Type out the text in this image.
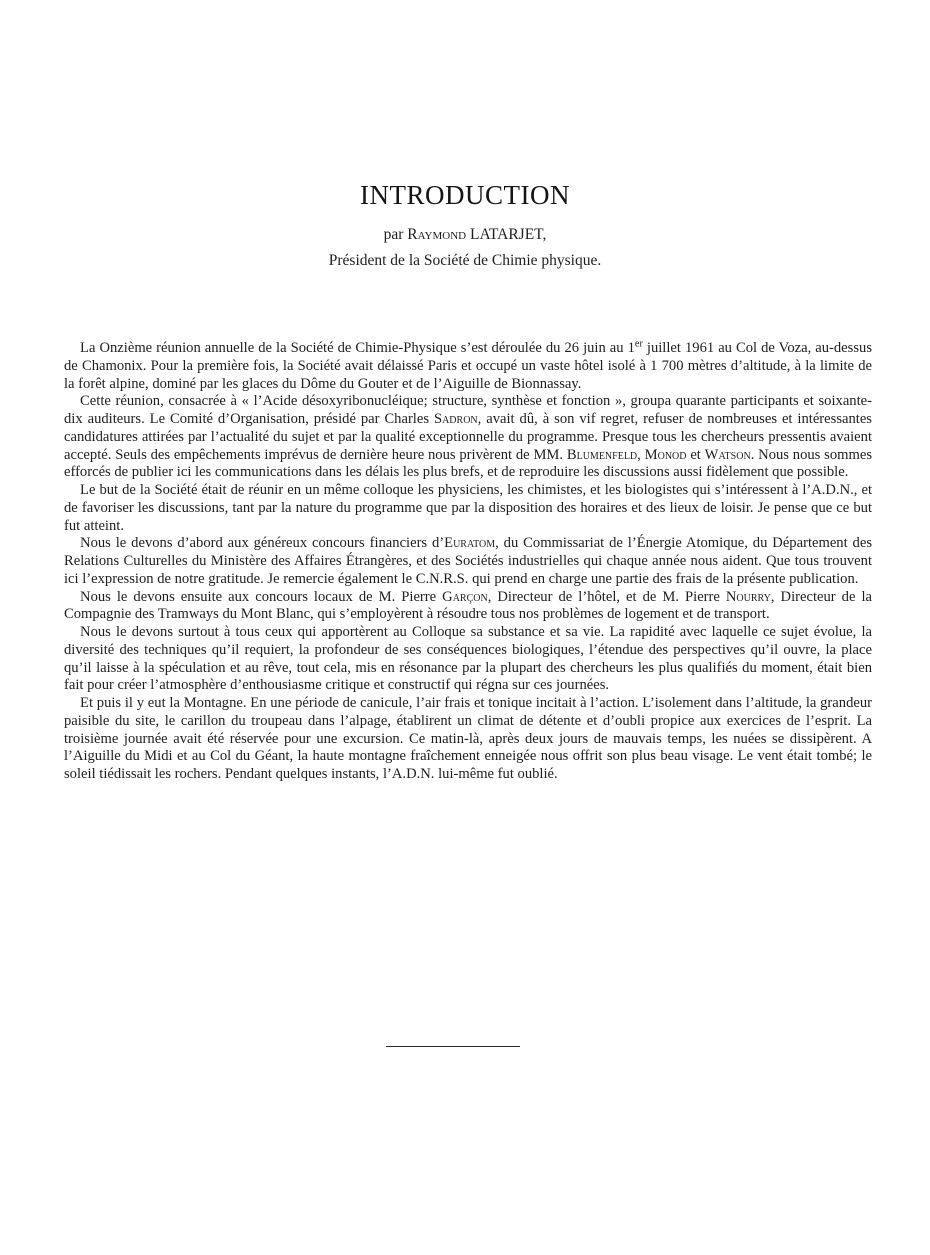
INTRODUCTION

par Raymond LATARJET,

Président de la Société de Chimie physique.

La Onzième réunion annuelle de la Société de Chimie-Physique s’est déroulée du 26 juin au 1er juillet 1961 au Col de Voza, au-dessus de Chamonix. Pour la première fois, la Société avait délaissé Paris et occupé un vaste hôtel isolé à 1 700 mètres d’altitude, à la limite de la forêt alpine, dominé par les glaces du Dôme du Gouter et de l’Aiguille de Bionnassay.

Cette réunion, consacrée à « l’Acide désoxyribonucléique; structure, synthèse et fonction », groupa quarante participants et soixante-dix auditeurs. Le Comité d’Organisation, présidé par Charles Sadron, avait dû, à son vif regret, refuser de nombreuses et intéressantes candidatures attirées par l’actualité du sujet et par la qualité exceptionnelle du programme. Presque tous les chercheurs pressentis avaient accepté. Seuls des empêchements imprévus de dernière heure nous privèrent de MM. Blumenfeld, Monod et Watson. Nous nous sommes efforcés de publier ici les communications dans les délais les plus brefs, et de reproduire les discussions aussi fidèlement que possible.

Le but de la Société était de réunir en un même colloque les physiciens, les chimistes, et les biologistes qui s’intéressent à l’A.D.N., et de favoriser les discussions, tant par la nature du programme que par la disposition des horaires et des lieux de loisir. Je pense que ce but fut atteint.

Nous le devons d’abord aux généreux concours financiers d’Euratom, du Commissariat de l’Énergie Atomique, du Département des Relations Culturelles du Ministère des Affaires Étrangères, et des Sociétés industrielles qui chaque année nous aident. Que tous trouvent ici l’expression de notre gratitude. Je remercie également le C.N.R.S. qui prend en charge une partie des frais de la présente publication.

Nous le devons ensuite aux concours locaux de M. Pierre Garçon, Directeur de l’hôtel, et de M. Pierre Nourry, Directeur de la Compagnie des Tramways du Mont Blanc, qui s’employèrent à résoudre tous nos problèmes de logement et de transport.

Nous le devons surtout à tous ceux qui apportèrent au Colloque sa substance et sa vie. La rapidité avec laquelle ce sujet évolue, la diversité des techniques qu’il requiert, la profondeur de ses conséquences biologiques, l’étendue des perspectives qu’il ouvre, la place qu’il laisse à la spéculation et au rêve, tout cela, mis en résonance par la plupart des chercheurs les plus qualifiés du moment, était bien fait pour créer l’atmosphère d’enthousiasme critique et constructif qui régna sur ces journées.

Et puis il y eut la Montagne. En une période de canicule, l’air frais et tonique incitait à l’action. L’isolement dans l’altitude, la grandeur paisible du site, le carillon du troupeau dans l’alpage, établirent un climat de détente et d’oubli propice aux exercices de l’esprit. La troisième journée avait été réservée pour une excursion. Ce matin-là, après deux jours de mauvais temps, les nuées se dissipèrent. A l’Aiguille du Midi et au Col du Géant, la haute montagne fraîchement enneigée nous offrit son plus beau visage. Le vent était tombé; le soleil tiédissait les rochers. Pendant quelques instants, l’A.D.N. lui-même fut oublié.
